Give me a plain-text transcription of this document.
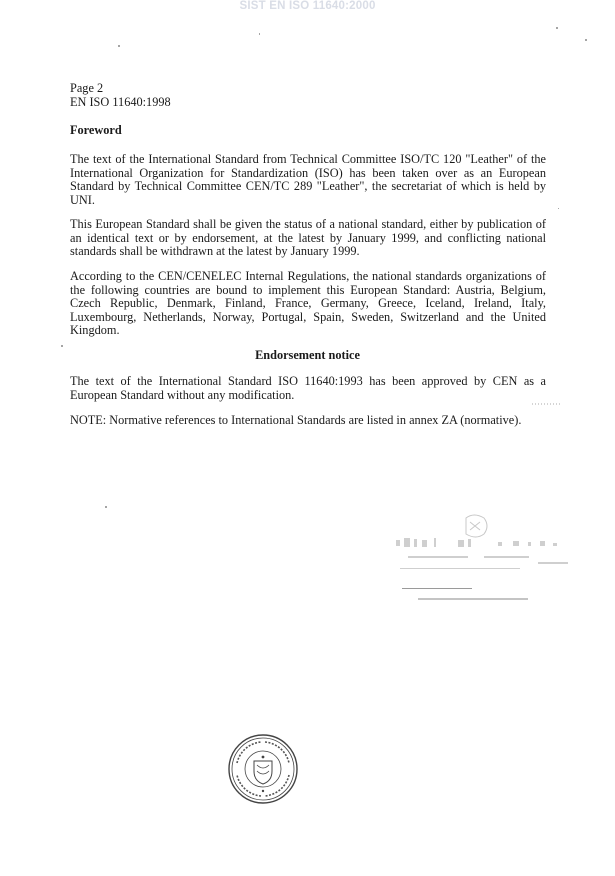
SIST EN ISO 11640:2000
Page 2
EN ISO 11640:1998
Foreword
The text of the International Standard from Technical Committee ISO/TC 120 "Leather" of the International Organization for Standardization (ISO) has been taken over as an European Standard by Technical Committee CEN/TC 289 "Leather", the secretariat of which is held by UNI.
This European Standard shall be given the status of a national standard, either by publication of an identical text or by endorsement, at the latest by January 1999, and conflicting national standards shall be withdrawn at the latest by January 1999.
According to the CEN/CENELEC Internal Regulations, the national standards organizations of the following countries are bound to implement this European Standard: Austria, Belgium, Czech Republic, Denmark, Finland, France, Germany, Greece, Iceland, Ireland, Italy, Luxembourg, Netherlands, Norway, Portugal, Spain, Sweden, Switzerland and the United Kingdom.
Endorsement notice
The text of the International Standard ISO 11640:1993 has been approved by CEN as a European Standard without any modification.
NOTE: Normative references to International Standards are listed in annex ZA (normative).
